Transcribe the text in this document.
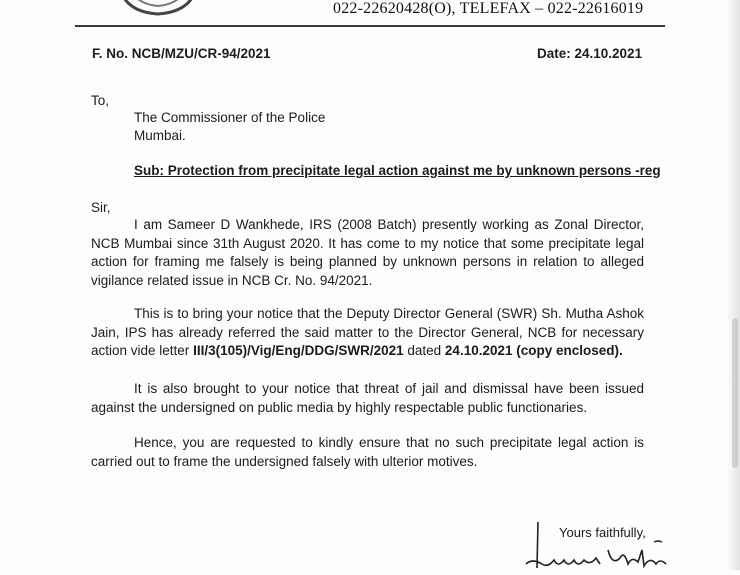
022-22620428(O), TELEFAX – 022-22616019
F. No. NCB/MZU/CR-94/2021	Date: 24.10.2021
To,
The Commissioner of the Police
Mumbai.
Sub: Protection from precipitate legal action against me by unknown persons -reg
Sir,
I am Sameer D Wankhede, IRS (2008 Batch) presently working as Zonal Director, NCB Mumbai since 31th August 2020. It has come to my notice that some precipitate legal action for framing me falsely is being planned by unknown persons in relation to alleged vigilance related issue in NCB Cr. No. 94/2021.
This is to bring your notice that the Deputy Director General (SWR) Sh. Mutha Ashok Jain, IPS has already referred the said matter to the Director General, NCB for necessary action vide letter III/3(105)/Vig/Eng/DDG/SWR/2021 dated 24.10.2021 (copy enclosed).
It is also brought to your notice that threat of jail and dismissal have been issued against the undersigned on public media by highly respectable public functionaries.
Hence, you are requested to kindly ensure that no such precipitate legal action is carried out to frame the undersigned falsely with ulterior motives.
Yours faithfully,
